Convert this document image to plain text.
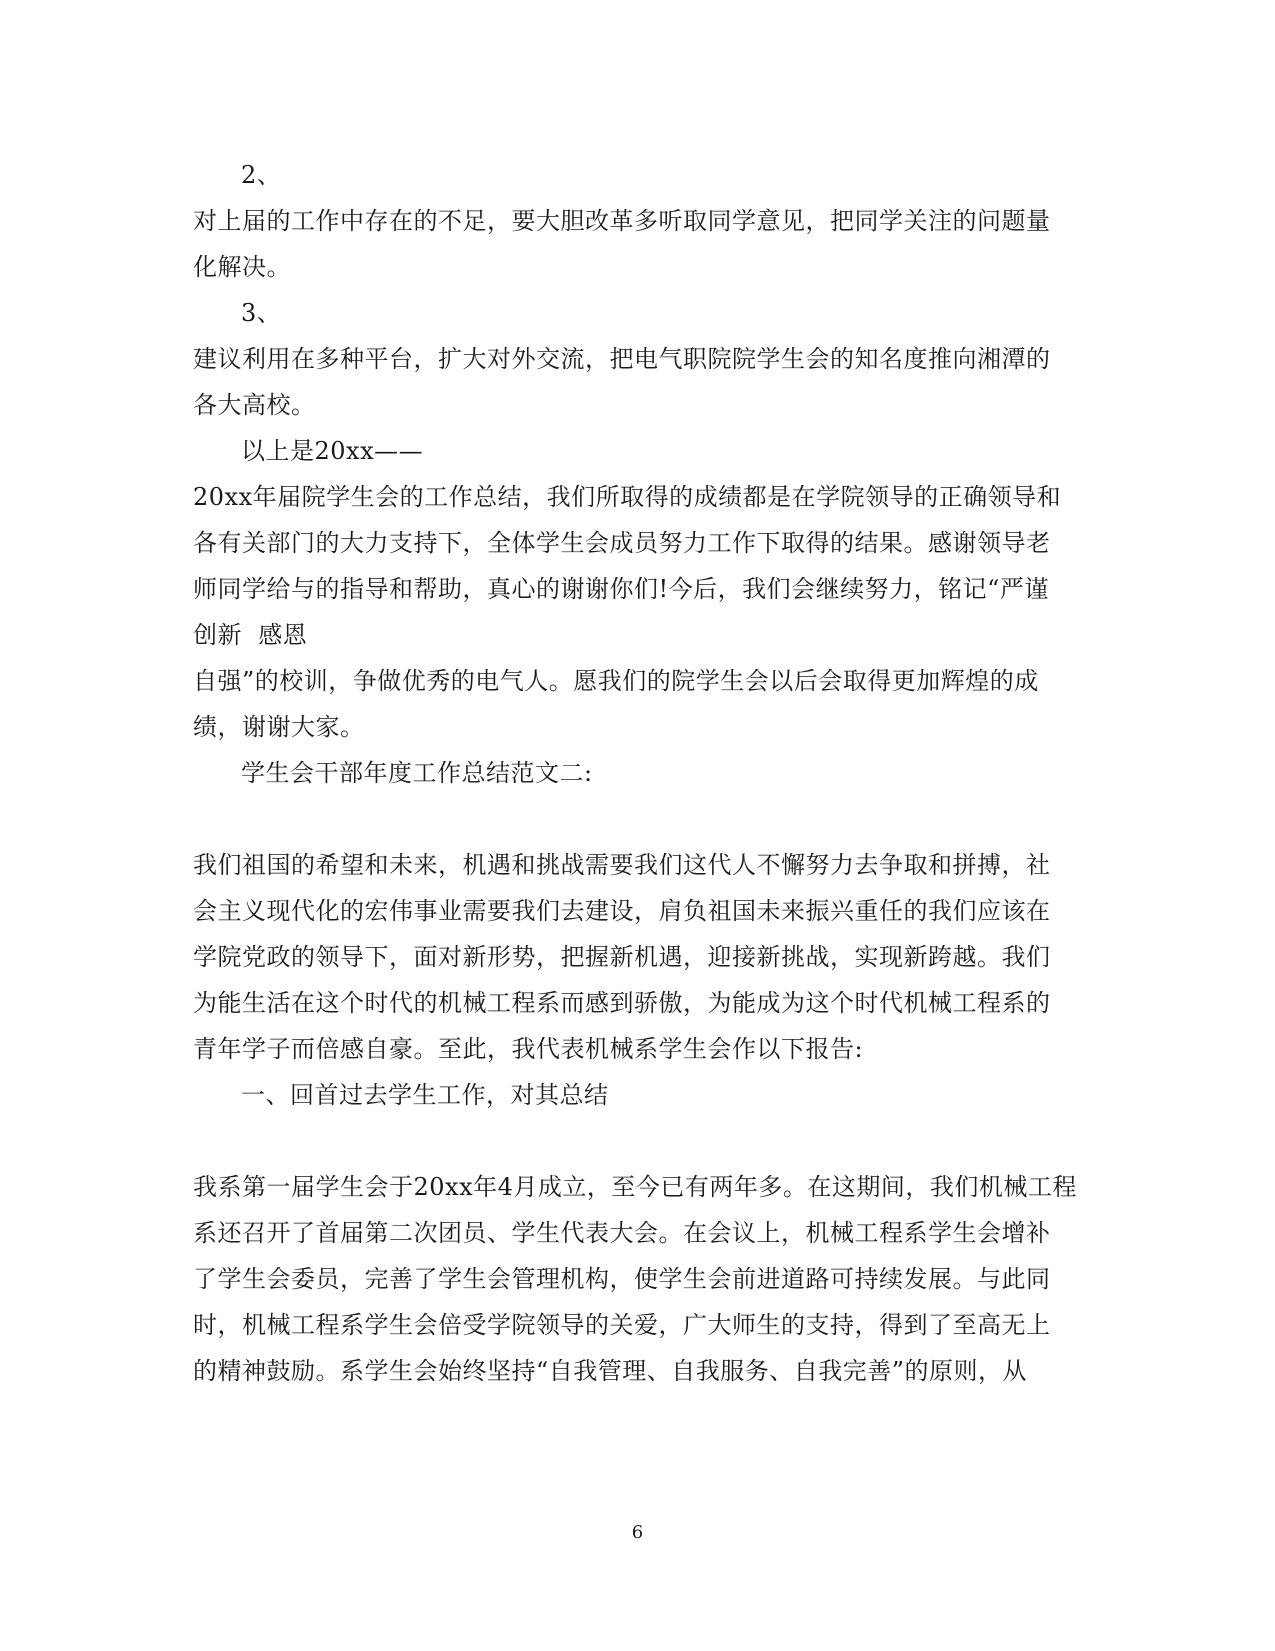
2、
对上届的工作中存在的不足，要大胆改革多听取同学意见，把同学关注的问题量
化解决。
3、
建议利用在多种平台，扩大对外交流，把电气职院院学生会的知名度推向湘潭的
各大高校。
以上是20xx——
20xx年届院学生会的工作总结，我们所取得的成绩都是在学院领导的正确领导和
各有关部门的大力支持下，全体学生会成员努力工作下取得的结果。感谢领导老
师同学给与的指导和帮助，真心的谢谢你们!今后，我们会继续努力，铭记“严谨
创新  感恩
自强”的校训，争做优秀的电气人。愿我们的院学生会以后会取得更加辉煌的成
绩，谢谢大家。
学生会干部年度工作总结范文二:
我们祖国的希望和未来，机遇和挑战需要我们这代人不懈努力去争取和拼搏，社
会主义现代化的宏伟事业需要我们去建设，肩负祖国未来振兴重任的我们应该在
学院党政的领导下，面对新形势，把握新机遇，迎接新挑战，实现新跨越。我们
为能生活在这个时代的机械工程系而感到骄傲，为能成为这个时代机械工程系的
青年学子而倍感自豪。至此，我代表机械系学生会作以下报告:
一、回首过去学生工作，对其总结
我系第一届学生会于20xx年4月成立，至今已有两年多。在这期间，我们机械工程
系还召开了首届第二次团员、学生代表大会。在会议上，机械工程系学生会增补
了学生会委员，完善了学生会管理机构，使学生会前进道路可持续发展。与此同
时，机械工程系学生会倍受学院领导的关爱，广大师生的支持，得到了至高无上
的精神鼓励。系学生会始终坚持“自我管理、自我服务、自我完善”的原则，从
6
